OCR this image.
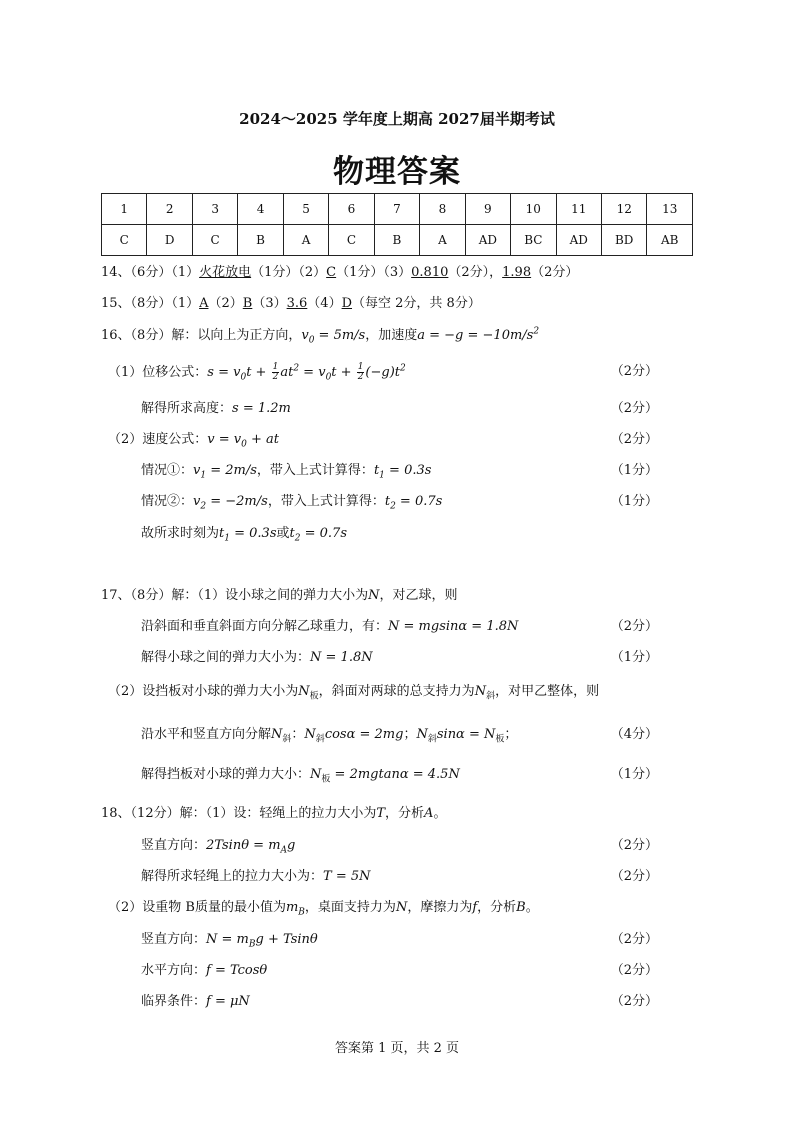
2024～2025 学年度上期高 2027届半期考试
物理答案
1	2	3	4	5	6	7	8	9	10	11	12	13
C	D	C	B	A	C	B	A	AD	BC	AD	BD	AB
14、（6分）（1）火花放电（1分）（2）C（1分）（3）0.810（2分），1.98（2分）
15、（8分）（1）A（2）B（3）3.6（4）D（每空 2分，共 8分）
16、（8分）解：以向上为正方向，$v_0 = 5m/s$，加速度$a = -g = -10m/s^2$
（1）位移公式：$s = v_0t + \frac{1}{2} at^2 = v_0t + \frac{1}{2} (-g)t^2$	（2分）
解得所求高度：s = 1.2m	（2分）
（2）速度公式：$v = v_0$ + at	（2分）
情况①：$v_1 = 2m/s$，带入上式计算得：$t_1 = 0.3s$	（1分）
情况②：$v_2 = -2m/s$，带入上式计算得：$t_2 = 0.7s$	（1分）
故所求时刻为$t_1 = 0.3s$或$t_2 = 0.7s$
17、（8分）解：（1）设小球之间的弹力大小为N，对乙球，则
沿斜面和垂直斜面方向分解乙球重力，有：N = mgsinα = 1.8N	（2分）
解得小球之间的弹力大小为：N = 1.8N	（1分）
（2）设挡板对小球的弹力大小为$N_板$，斜面对两球的总支持力为$N_斜$，对甲乙整体，则
沿水平和竖直方向分解$N_斜$：$N_斜\cos\alpha = 2mg$；$N_斜\sin\alpha = N_板$；	（4分）
解得挡板对小球的弹力大小：$N_板 = 2mgtan\alpha = 4.5N$	（1分）
18、（12分）解：（1）设：轻绳上的拉力大小为T，分析A。
竖直方向：$2Tsin\theta = m_Ag$	（2分）
解得所求轻绳上的拉力大小为：T = 5N	（2分）
（2）设重物 B质量的最小值为$m_B$，桌面支持力为N，摩擦力为f，分析B。
竖直方向：$N = m_Bg + Tsin\theta$	（2分）
水平方向：f = Tcosθ	（2分）
临界条件：f = μN	（2分）
答案第 1 页，共 2 页
